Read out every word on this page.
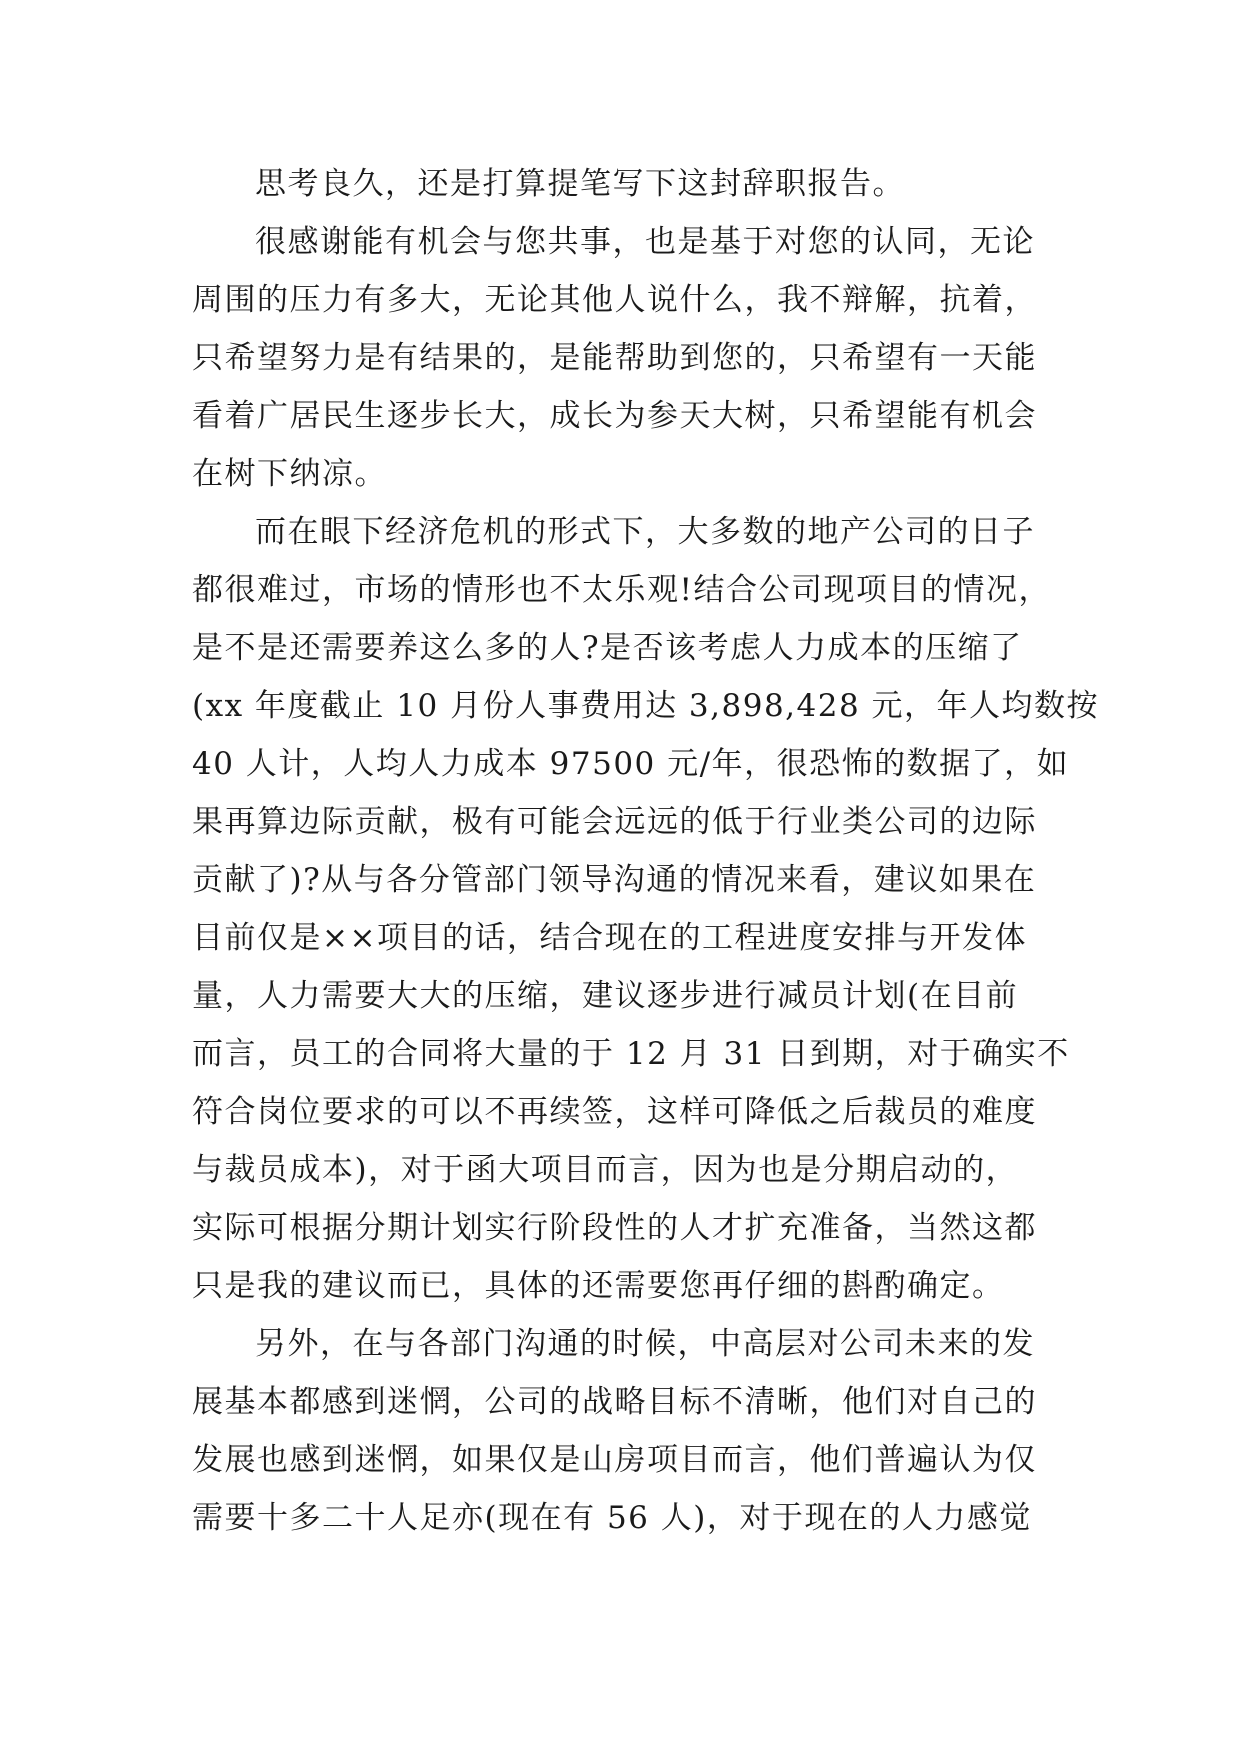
思考良久，还是打算提笔写下这封辞职报告。
很感谢能有机会与您共事，也是基于对您的认同，无论
周围的压力有多大，无论其他人说什么，我不辩解，抗着，
只希望努力是有结果的，是能帮助到您的，只希望有一天能
看着广居民生逐步长大，成长为参天大树，只希望能有机会
在树下纳凉。
而在眼下经济危机的形式下，大多数的地产公司的日子
都很难过，市场的情形也不太乐观!结合公司现项目的情况，
是不是还需要养这么多的人?是否该考虑人力成本的压缩了
(xx 年度截止 10 月份人事费用达 3,898,428 元，年人均数按
40 人计，人均人力成本 97500 元/年，很恐怖的数据了，如
果再算边际贡献，极有可能会远远的低于行业类公司的边际
贡献了)?从与各分管部门领导沟通的情况来看，建议如果在
目前仅是××项目的话，结合现在的工程进度安排与开发体
量，人力需要大大的压缩，建议逐步进行减员计划(在目前
而言，员工的合同将大量的于 12 月 31 日到期，对于确实不
符合岗位要求的可以不再续签，这样可降低之后裁员的难度
与裁员成本)，对于函大项目而言，因为也是分期启动的，
实际可根据分期计划实行阶段性的人才扩充准备，当然这都
只是我的建议而已，具体的还需要您再仔细的斟酌确定。
另外，在与各部门沟通的时候，中高层对公司未来的发
展基本都感到迷惘，公司的战略目标不清晰，他们对自己的
发展也感到迷惘，如果仅是山房项目而言，他们普遍认为仅
需要十多二十人足亦(现在有 56 人)，对于现在的人力感觉
